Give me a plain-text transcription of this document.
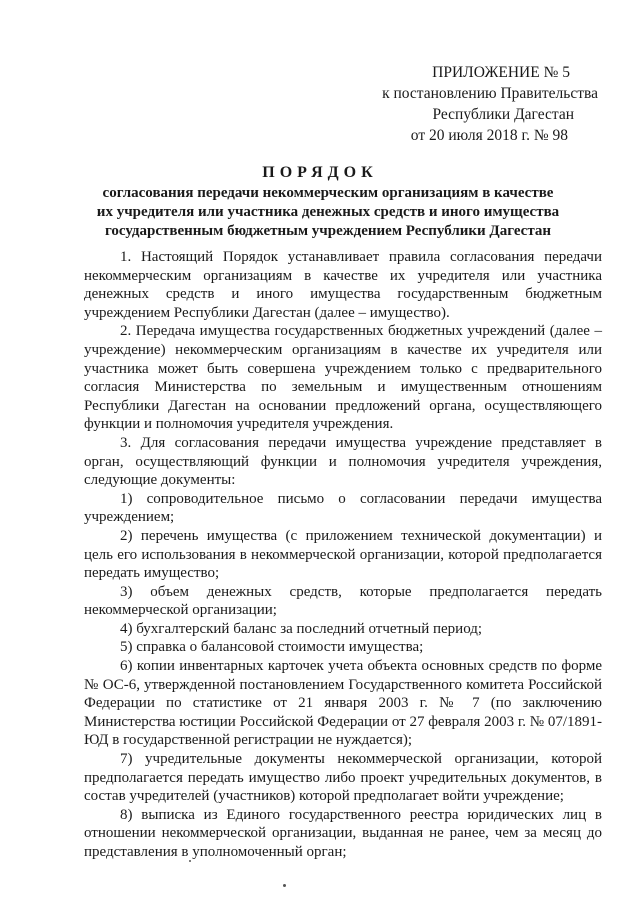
ПРИЛОЖЕНИЕ № 5
к постановлению Правительства
Республики Дагестан
от 20 июля 2018 г. № 98
ПОРЯДОК
согласования передачи некоммерческим организациям в качестве
их учредителя или участника денежных средств и иного имущества
государственным бюджетным учреждением Республики Дагестан

1. Настоящий Порядок устанавливает правила согласования передачи некоммерческим организациям в качестве их учредителя или участника денежных средств и иного имущества государственным бюджетным учреждением Республики Дагестан (далее – имущество).

2. Передача имущества государственных бюджетных учреждений (далее – учреждение) некоммерческим организациям в качестве их учредителя или участника может быть совершена учреждением только с предварительного согласия Министерства по земельным и имущественным отношениям Республики Дагестан на основании предложений органа, осуществляющего функции и полномочия учредителя учреждения.

3. Для согласования передачи имущества учреждение представляет в орган, осуществляющий функции и полномочия учредителя учреждения, следующие документы:

1) сопроводительное письмо о согласовании передачи имущества учреждением;

2) перечень имущества (с приложением технической документации) и цель его использования в некоммерческой организации, которой предполагается передать имущество;

3) объем денежных средств, которые предполагается передать некоммерческой организации;

4) бухгалтерский баланс за последний отчетный период;

5) справка о балансовой стоимости имущества;

6) копии инвентарных карточек учета объекта основных средств по форме № ОС-6, утвержденной постановлением Государственного комитета Российской Федерации по статистике от 21 января 2003 г. № 7 (по заключению Министерства юстиции Российской Федерации от 27 февраля 2003 г. № 07/1891-ЮД в государственной регистрации не нуждается);

7) учредительные документы некоммерческой организации, которой предполагается передать имущество либо проект учредительных документов, в состав учредителей (участников) которой предполагает войти учреждение;

8) выписка из Единого государственного реестра юридических лиц в отношении некоммерческой организации, выданная не ранее, чем за месяц до представления в уполномоченный орган;
